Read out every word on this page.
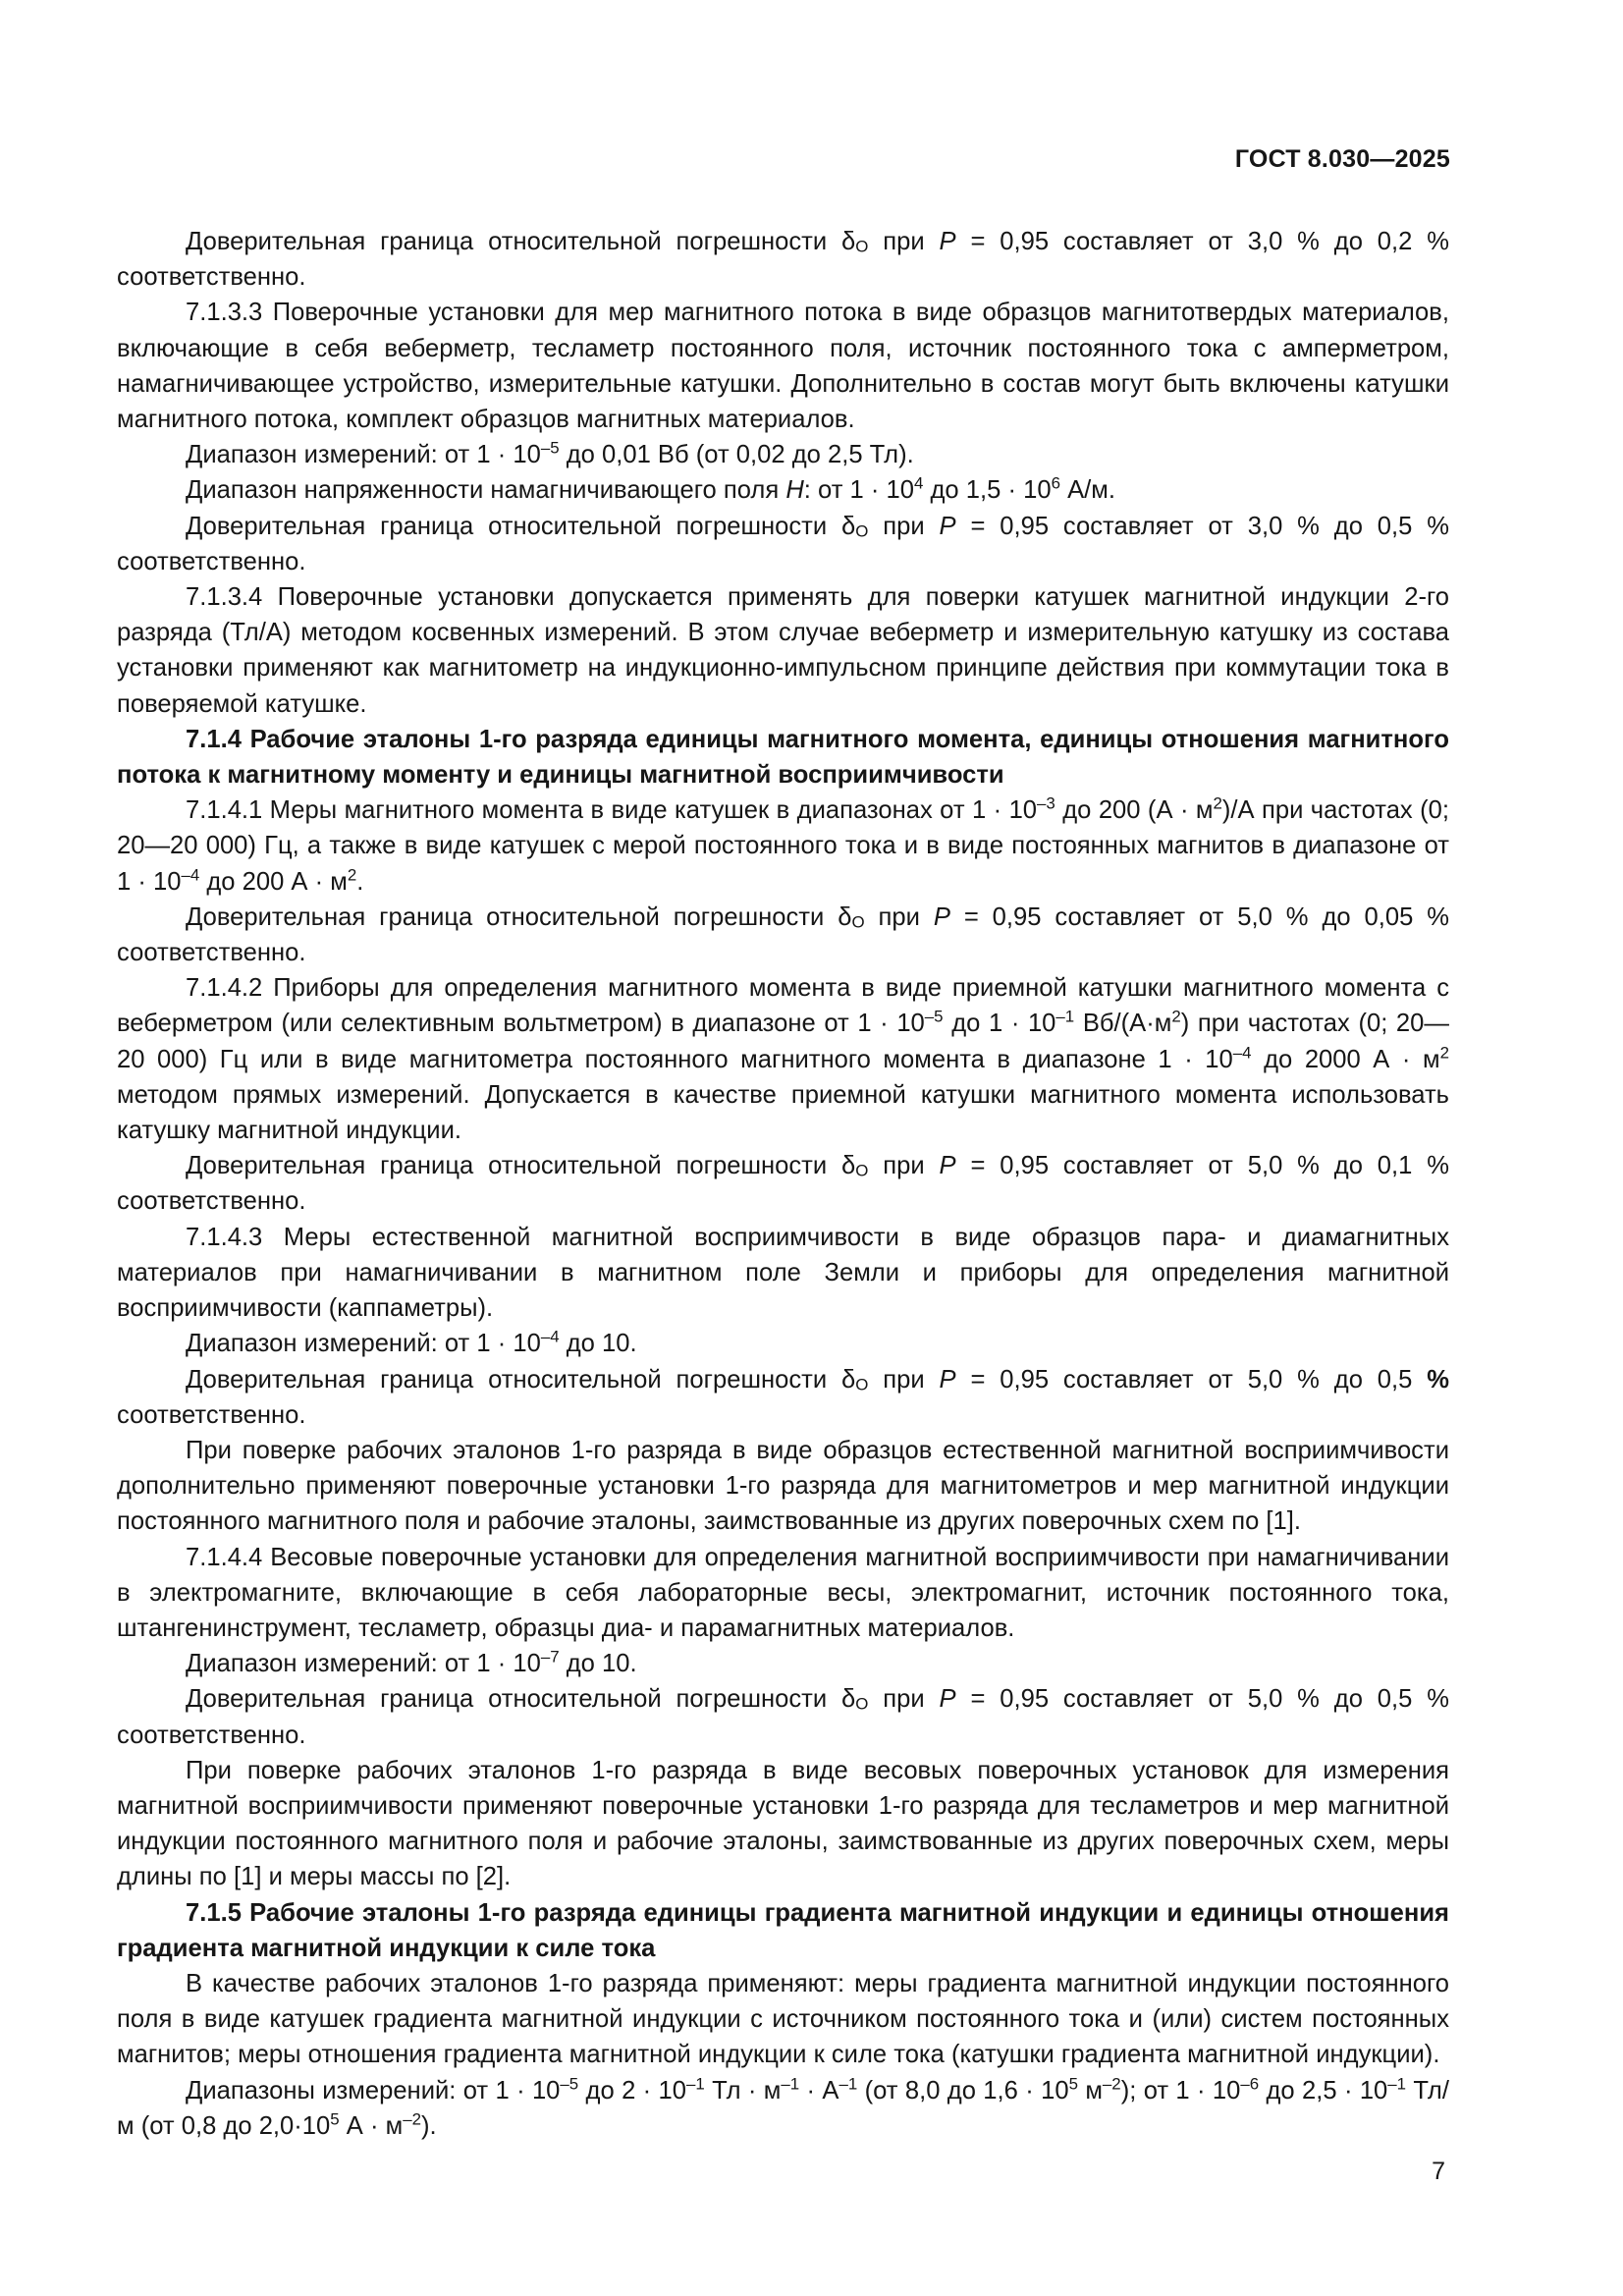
ГОСТ 8.030—2025
Доверительная граница относительной погрешности $\delta_O$ при P = 0,95 составляет от 3,0 % до 0,2 % соответственно.
7.1.3.3 Поверочные установки для мер магнитного потока в виде образцов магнитотвердых материалов, включающие в себя веберметр, тесламетр постоянного поля, источник постоянного тока с амперметром, намагничивающее устройство, измерительные катушки. Дополнительно в состав могут быть включены катушки магнитного потока, комплект образцов магнитных материалов.
Диапазон измерений: от $1 \cdot 10^{-5}$ до 0,01 Вб (от 0,02 до 2,5 Тл).
Диапазон напряженности намагничивающего поля H: от $1 \cdot 10^4$ до $1,5 \cdot 10^6$ А/м.
Доверительная граница относительной погрешности $\delta_O$ при P = 0,95 составляет от 3,0 % до 0,5 % соответственно.
7.1.3.4 Поверочные установки допускается применять для поверки катушек магнитной индукции 2-го разряда (Тл/А) методом косвенных измерений. В этом случае веберметр и измерительную катушку из состава установки применяют как магнитометр на индукционно-импульсном принципе действия при коммутации тока в поверяемой катушке.
7.1.4 Рабочие эталоны 1-го разряда единицы магнитного момента, единицы отношения магнитного потока к магнитному моменту и единицы магнитной восприимчивости
7.1.4.1 Меры магнитного момента в виде катушек в диапазонах от $1 \cdot 10^{-3}$ до 200 $(А \cdot м^2)/А$ при частотах (0; 20—20 000) Гц, а также в виде катушек с мерой постоянного тока и в виде постоянных магнитов в диапазоне от $1 \cdot 10^{-4}$ до 200 $А \cdot м^2$.
Доверительная граница относительной погрешности $\delta_O$ при P = 0,95 составляет от 5,0 % до 0,05 % соответственно.
7.1.4.2 Приборы для определения магнитного момента в виде приемной катушки магнитного момента с веберметром (или селективным вольтметром) в диапазоне от $1 \cdot 10^{-5}$ до $1 \cdot 10^{-1}$ $Вб/(А\cdot м^2)$ при частотах (0; 20—20 000) Гц или в виде магнитометра постоянного магнитного момента в диапазоне $1 \cdot 10^{-4}$ до 2000 $А \cdot м^2$ методом прямых измерений. Допускается в качестве приемной катушки магнитного момента использовать катушку магнитной индукции.
Доверительная граница относительной погрешности $\delta_O$ при P = 0,95 составляет от 5,0 % до 0,1 % соответственно.
7.1.4.3 Меры естественной магнитной восприимчивости в виде образцов пара- и диамагнитных материалов при намагничивании в магнитном поле Земли и приборы для определения магнитной восприимчивости (каппаметры).
Диапазон измерений: от $1 \cdot 10^{-4}$ до 10.
Доверительная граница относительной погрешности $\delta_O$ при P = 0,95 составляет от 5,0 % до 0,5 % соответственно.
При поверке рабочих эталонов 1-го разряда в виде образцов естественной магнитной восприимчивости дополнительно применяют поверочные установки 1-го разряда для магнитометров и мер магнитной индукции постоянного магнитного поля и рабочие эталоны, заимствованные из других поверочных схем по [1].
7.1.4.4 Весовые поверочные установки для определения магнитной восприимчивости при намагничивании в электромагните, включающие в себя лабораторные весы, электромагнит, источник постоянного тока, штангенинструмент, тесламетр, образцы диа- и парамагнитных материалов.
Диапазон измерений: от $1 \cdot 10^{-7}$ до 10.
Доверительная граница относительной погрешности $\delta_O$ при P = 0,95 составляет от 5,0 % до 0,5 % соответственно.
При поверке рабочих эталонов 1-го разряда в виде весовых поверочных установок для измерения магнитной восприимчивости применяют поверочные установки 1-го разряда для тесламетров и мер магнитной индукции постоянного магнитного поля и рабочие эталоны, заимствованные из других поверочных схем, меры длины по [1] и меры массы по [2].
7.1.5 Рабочие эталоны 1-го разряда единицы градиента магнитной индукции и единицы отношения градиента магнитной индукции к силе тока
В качестве рабочих эталонов 1-го разряда применяют: меры градиента магнитной индукции постоянного поля в виде катушек градиента магнитной индукции с источником постоянного тока и (или) систем постоянных магнитов; меры отношения градиента магнитной индукции к силе тока (катушки градиента магнитной индукции).
Диапазоны измерений: от $1 \cdot 10^{-5}$ до $2 \cdot 10^{-1}$ Тл · $м^{-1} \cdot А^{-1}$ (от 8,0 до $1,6 \cdot 10^5$ $м^{-2}$); от $1 \cdot 10^{-6}$ до $2,5 \cdot 10^{-1}$ Тл/м (от 0,8 до $2,0\cdot 10^5$ $А \cdot м^{-2}$).
7
